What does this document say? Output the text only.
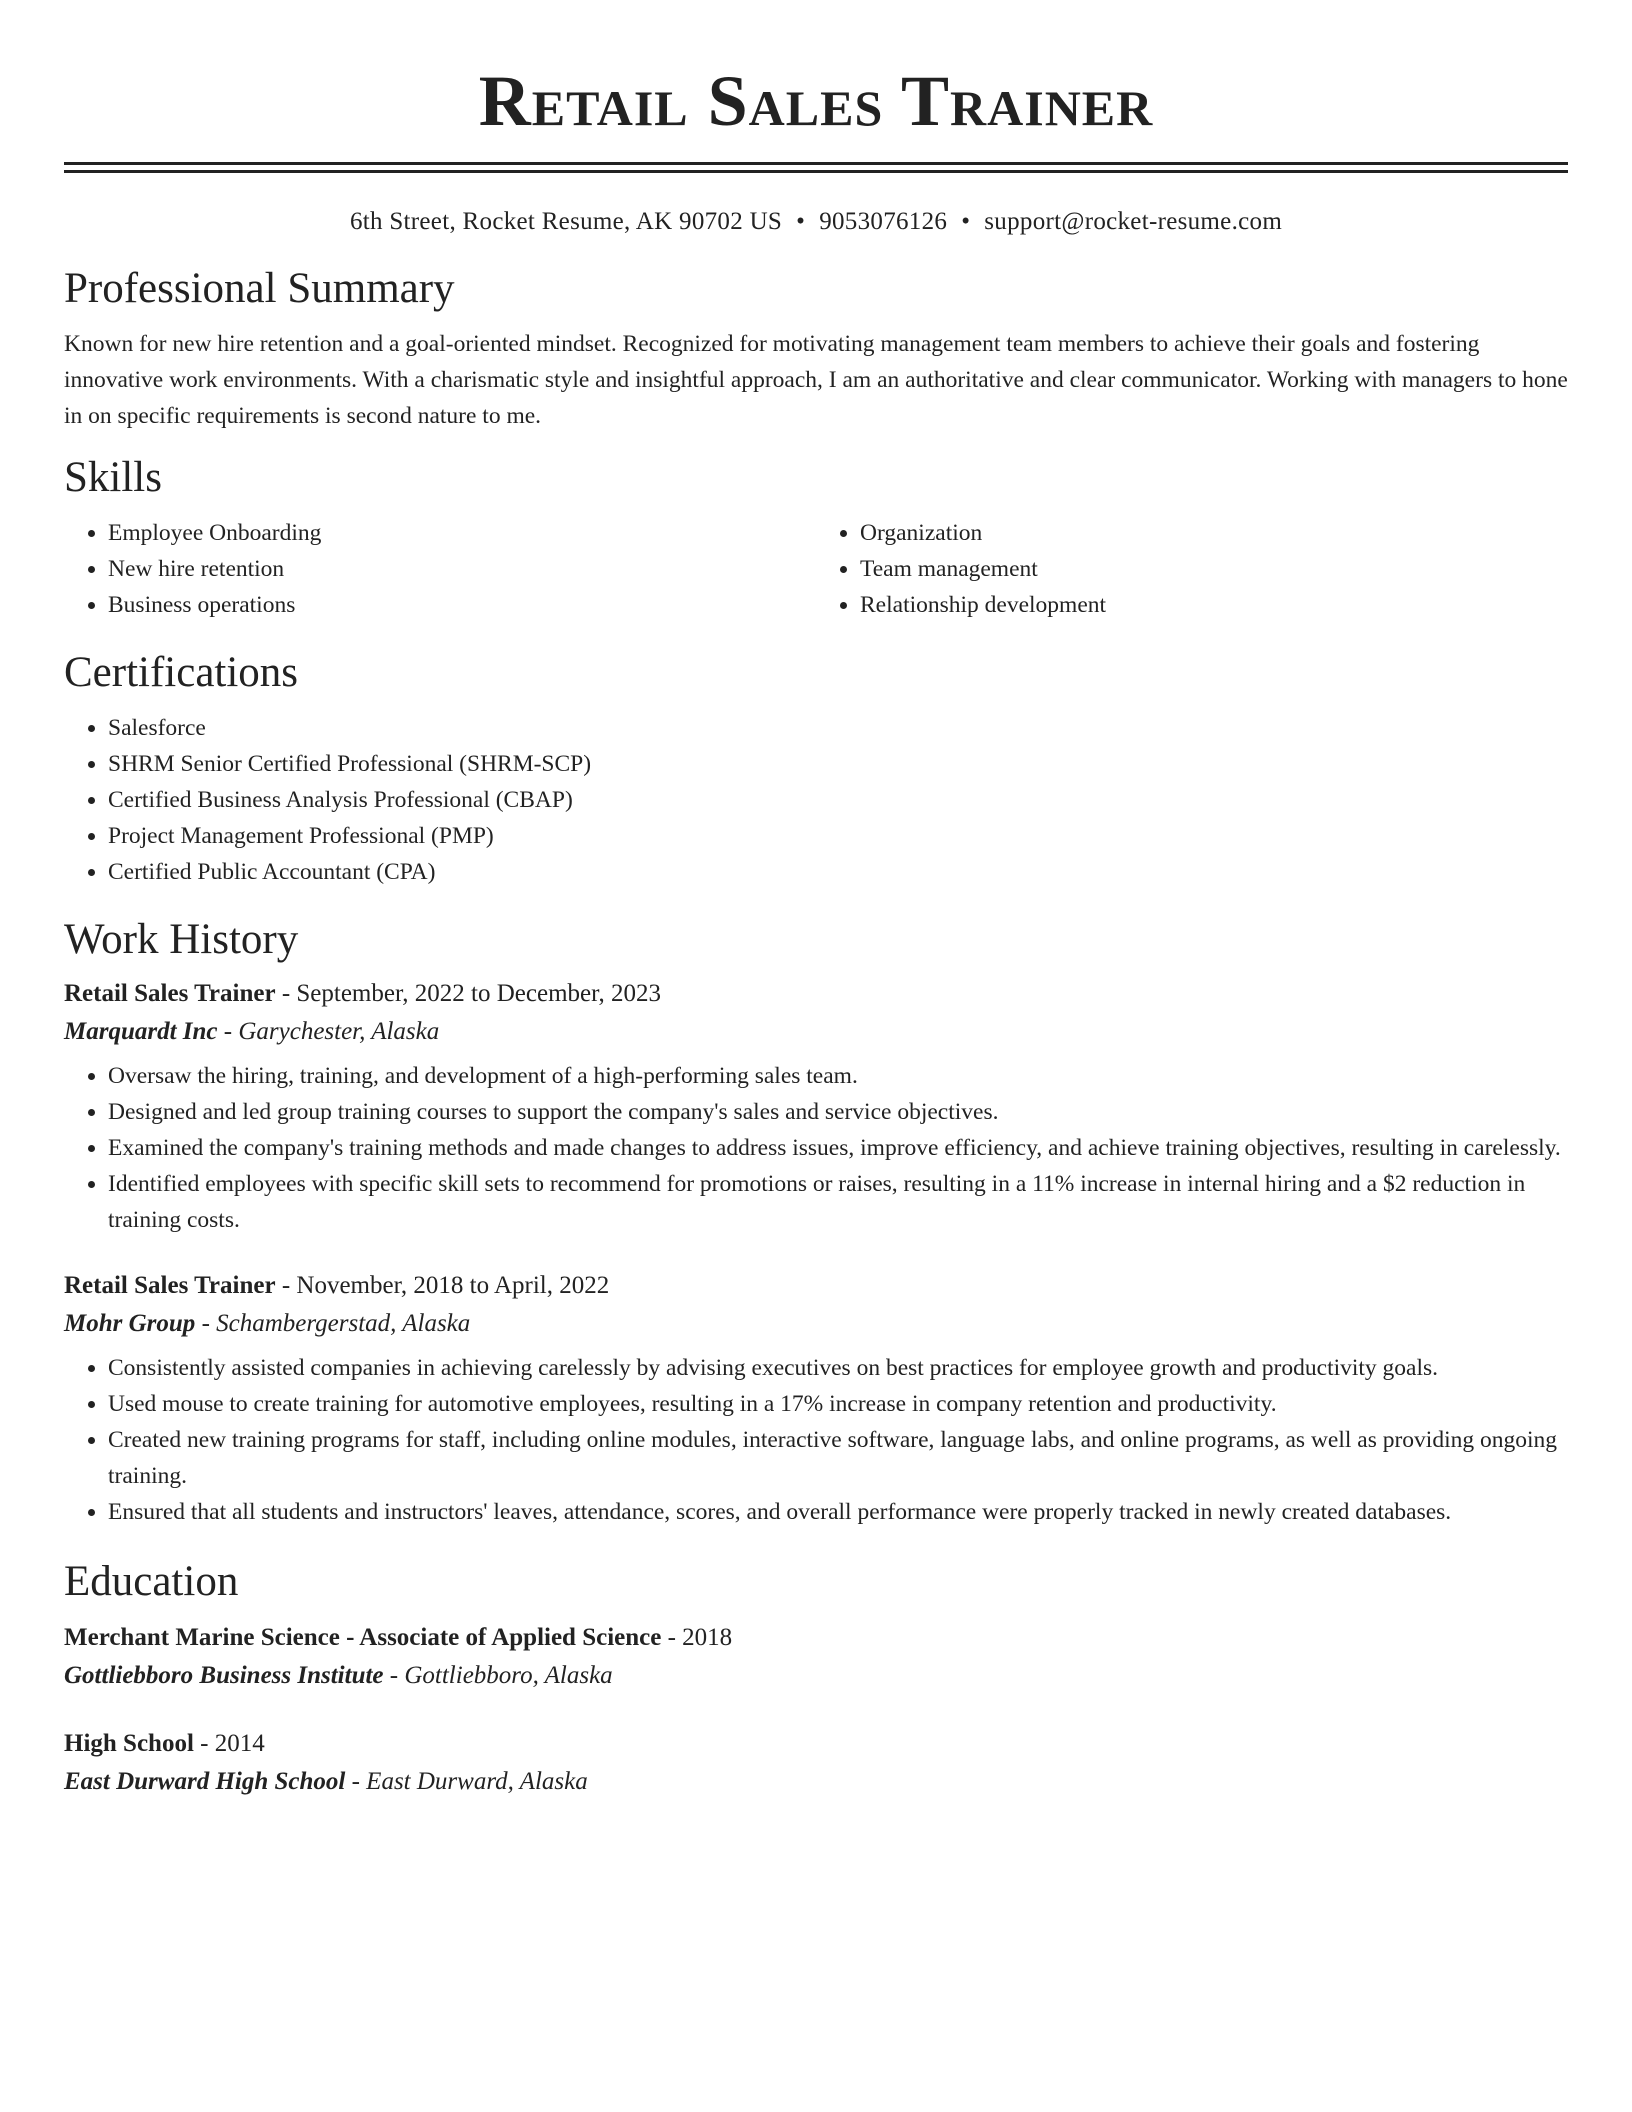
Retail Sales Trainer
6th Street, Rocket Resume, AK 90702 US • 9053076126 • support@rocket-resume.com
Professional Summary

Known for new hire retention and a goal-oriented mindset. Recognized for motivating management team members to achieve their goals and fostering innovative work environments. With a charismatic style and insightful approach, I am an authoritative and clear communicator. Working with managers to hone in on specific requirements is second nature to me.

Skills
• Employee Onboarding
• New hire retention
• Business operations
• Organization
• Team management
• Relationship development
Certifications
• Salesforce
• SHRM Senior Certified Professional (SHRM-SCP)
• Certified Business Analysis Professional (CBAP)
• Project Management Professional (PMP)
• Certified Public Accountant (CPA)
Work History
Retail Sales Trainer - September, 2022 to December, 2023
Marquardt Inc - Garychester, Alaska
• Oversaw the hiring, training, and development of a high-performing sales team.
• Designed and led group training courses to support the company's sales and service objectives.
• Examined the company's training methods and made changes to address issues, improve efficiency, and achieve training objectives, resulting in carelessly.
• Identified employees with specific skill sets to recommend for promotions or raises, resulting in a 11% increase in internal hiring and a $2 reduction in training costs.
Retail Sales Trainer - November, 2018 to April, 2022
Mohr Group - Schambergerstad, Alaska
• Consistently assisted companies in achieving carelessly by advising executives on best practices for employee growth and productivity goals.
• Used mouse to create training for automotive employees, resulting in a 17% increase in company retention and productivity.
• Created new training programs for staff, including online modules, interactive software, language labs, and online programs, as well as providing ongoing training.
• Ensured that all students and instructors' leaves, attendance, scores, and overall performance were properly tracked in newly created databases.
Education
Merchant Marine Science - Associate of Applied Science - 2018
Gottliebboro Business Institute - Gottliebboro, Alaska
High School - 2014
East Durward High School - East Durward, Alaska
